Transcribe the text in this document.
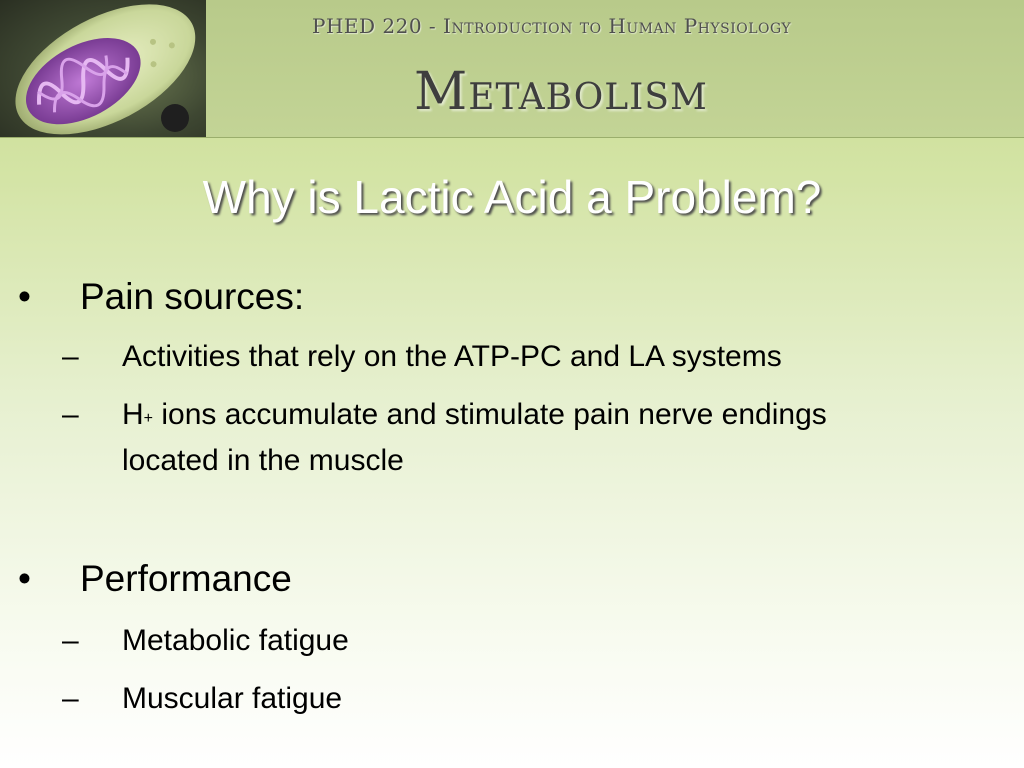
PHED 220 - Introduction to Human Physiology
Metabolism
Why is Lactic Acid a Problem?
• Pain sources:
– Activities that rely on the ATP-PC and LA systems
– H+ ions accumulate and stimulate pain nerve endings located in the muscle
• Performance
– Metabolic fatigue
– Muscular fatigue
